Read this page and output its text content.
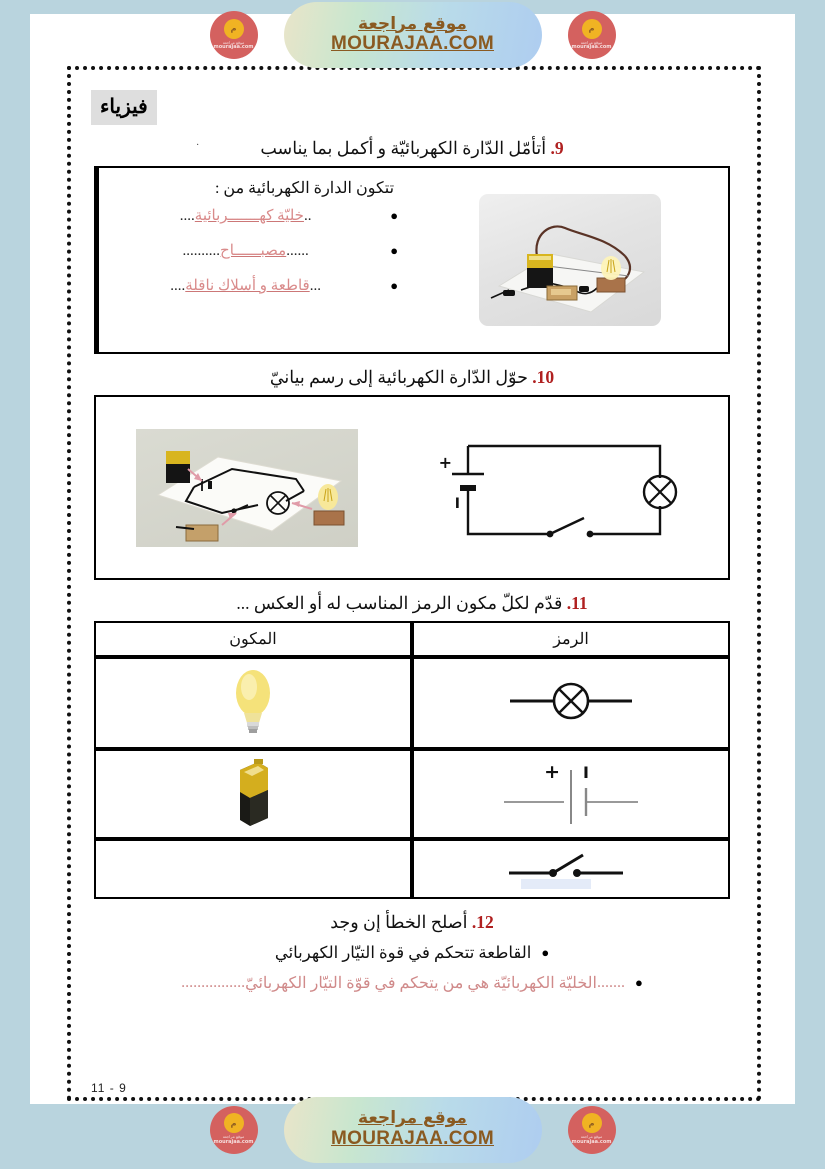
م
موقع مراجعة
mourajaa.com
موقع مراجعة
MOURAJAA.COM
م
موقع مراجعة
mourajaa.com
فيزياء
.	9. أتأمّل الدّارة الكهربائيّة و أكمل بما يناسب
تتكون الدارة الكهربائية من :
●
..خليّة كهـــــــربائية....
●
......مصبــــــاح..........
●
...قاطعة و أسلاك ناقلة....
10. حوّل الدّارة الكهربائية إلى رسم بيانيّ
+
I
11. قدّم لكلّ مكون الرمز المناسب له أو العكس ...
الرمز	المكون

+ I

12. أصلح الخطأ إن وجد
●
القاطعة تتحكم في قوة التيّار الكهربائي
●
.......
الخليّة الكهربائيّة هي من يتحكم في قوّة التيّار الكهربائيّ
................
9 - 11
م
موقع مراجعة
mourajaa.com
موقع مراجعة
MOURAJAA.COM
م
موقع مراجعة
mourajaa.com
